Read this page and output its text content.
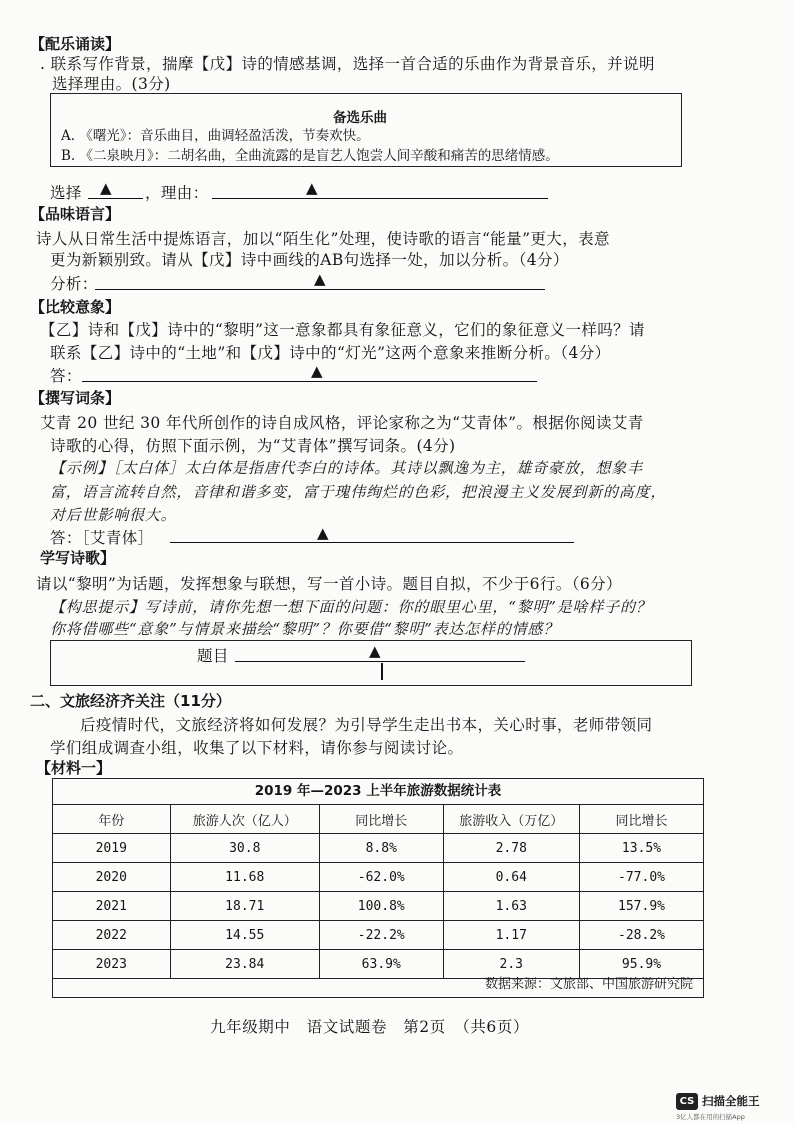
【配乐诵读】
. 联系写作背景，揣摩【戊】诗的情感基调，选择一首合适的乐曲作为背景音乐，并说明
选择理由。(3分)
备选乐曲
A. 《曙光》：音乐曲目，曲调轻盈活泼，节奏欢快。
B. 《二泉映月》：二胡名曲，全曲流露的是盲艺人饱尝人间辛酸和痛苦的思绪情感。
选择 ▲ ，理由：	▲
【品味语言】
诗人从日常生活中提炼语言，加以“陌生化”处理，使诗歌的语言“能量”更大，表意
更为新颖别致。请从【戊】诗中画线的AB句选择一处，加以分析。（4分）
分析：	▲
【比较意象】
【乙】诗和【戊】诗中的“黎明”这一意象都具有象征意义，它们的象征意义一样吗？请
联系【乙】诗中的“土地”和【戊】诗中的“灯光”这两个意象来推断分析。（4分）
答：	▲
【撰写词条】
艾青 20 世纪 30 年代所创作的诗自成风格，评论家称之为“艾青体”。根据你阅读艾青
诗歌的心得，仿照下面示例，为“艾青体”撰写词条。(4分)
【示例】［太白体］太白体是指唐代李白的诗体。其诗以飘逸为主，雄奇豪放，想象丰
富，语言流转自然，音律和谐多变，富于瑰伟绚烂的色彩，把浪漫主义发展到新的高度，
对后世影响很大。
答：［艾青体］	▲
学写诗歌】
请以“黎明”为话题，发挥想象与联想，写一首小诗。题目自拟，不少于6行。（6分）
【构思提示】写诗前，请你先想一想下面的问题：你的眼里心里，“黎明”是啥样子的？
你将借哪些“意象”与情景来描绘“黎明”？你要借“黎明”表达怎样的情感？
题目	▲
二、文旅经济齐关注（11分）
后疫情时代，文旅经济将如何发展？为引导学生走出书本，关心时事，老师带领同
学们组成调查小组，收集了以下材料，请你参与阅读讨论。
【材料一】
2019 年—2023 上半年旅游数据统计表
年份	旅游人次（亿人）	同比增长	旅游收入（万亿）	同比增长
2019	30.8	8.8%	2.78	13.5%
2020	11.68	-62.0%	0.64	-77.0%
2021	18.71	100.8%	1.63	157.9%
2022	14.55	-22.2%	1.17	-28.2%
2023	23.84	63.9%	2.3	95.9%
数据来源：文旅部、中国旅游研究院
九年级期中　语文试题卷　第2页　（共6页）
CS 扫描全能王
3亿人都在用的扫描App
